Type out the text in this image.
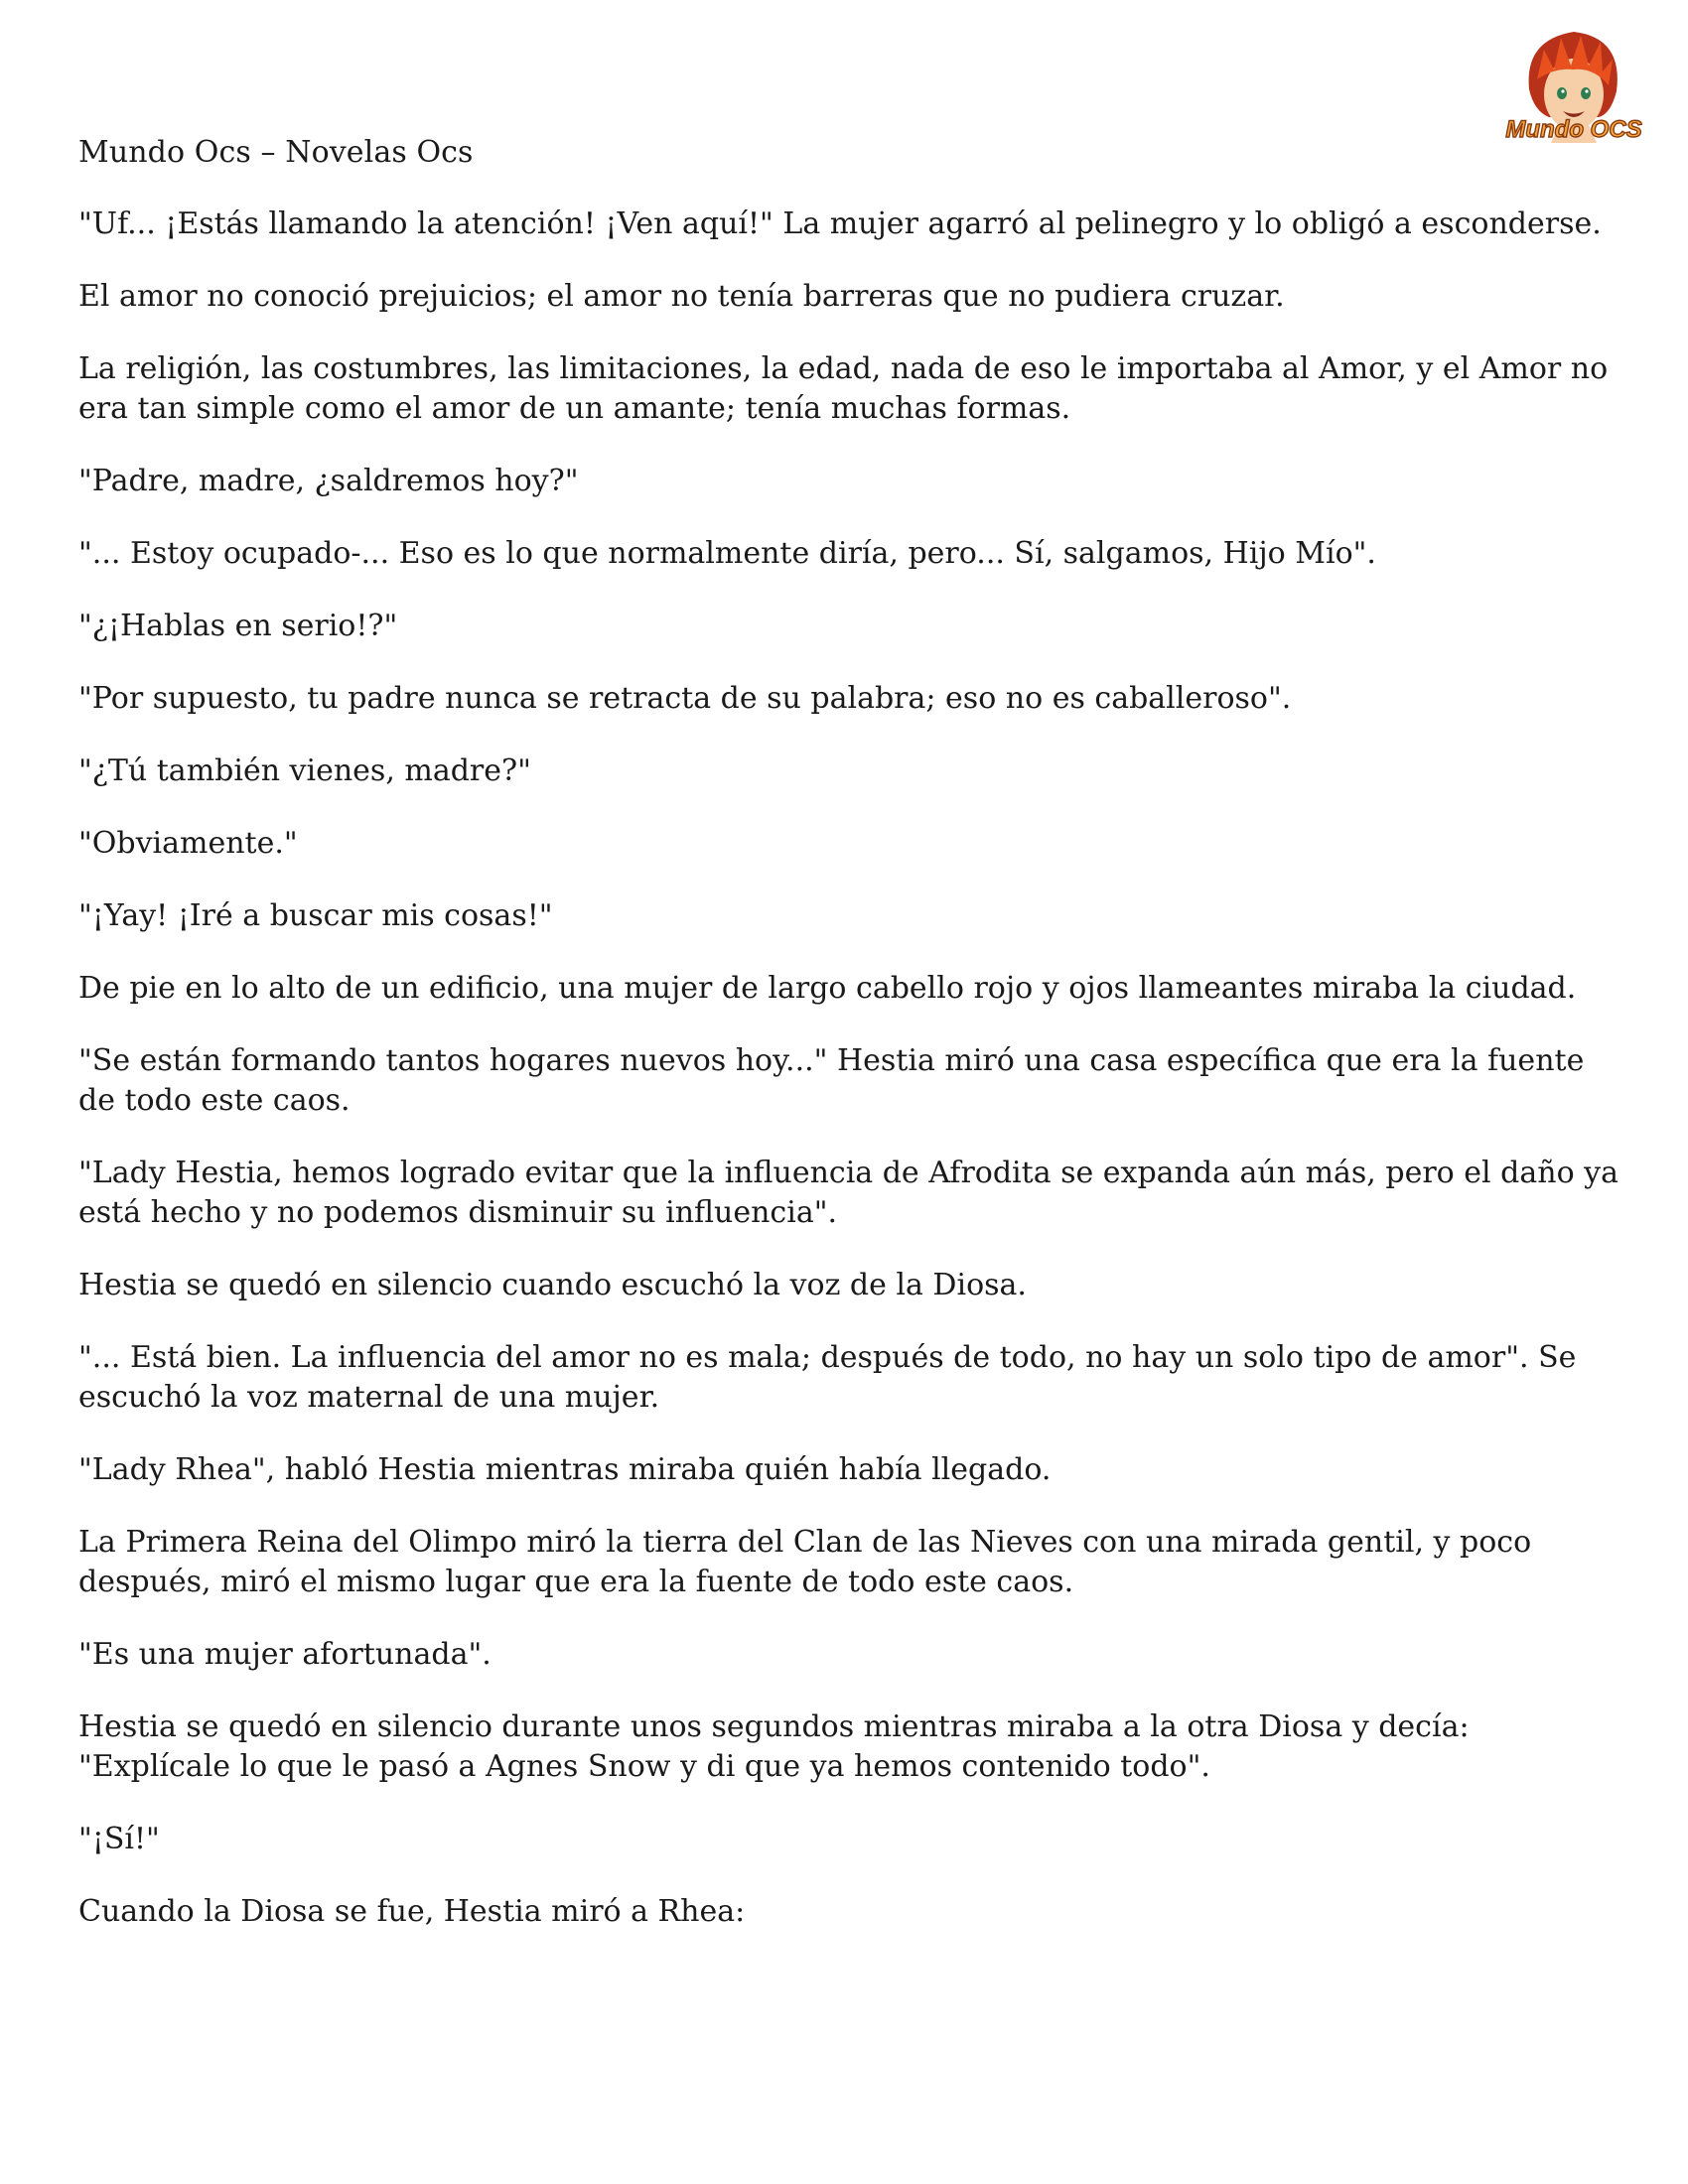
Mundo Ocs – Novelas Ocs
Mundo OCS

"Uf... ¡Estás llamando la atención! ¡Ven aquí!" La mujer agarró al pelinegro y lo obligó a esconderse.

El amor no conoció prejuicios; el amor no tenía barreras que no pudiera cruzar.

La religión, las costumbres, las limitaciones, la edad, nada de eso le importaba al Amor, y el Amor no era tan simple como el amor de un amante; tenía muchas formas.

"Padre, madre, ¿saldremos hoy?"

"... Estoy ocupado-... Eso es lo que normalmente diría, pero... Sí, salgamos, Hijo Mío".

"¿¡Hablas en serio!?"

"Por supuesto, tu padre nunca se retracta de su palabra; eso no es caballeroso".

"¿Tú también vienes, madre?"

"Obviamente."

"¡Yay! ¡Iré a buscar mis cosas!"

De pie en lo alto de un edificio, una mujer de largo cabello rojo y ojos llameantes miraba la ciudad.

"Se están formando tantos hogares nuevos hoy..." Hestia miró una casa específica que era la fuente de todo este caos.

"Lady Hestia, hemos logrado evitar que la influencia de Afrodita se expanda aún más, pero el daño ya está hecho y no podemos disminuir su influencia".

Hestia se quedó en silencio cuando escuchó la voz de la Diosa.

"... Está bien. La influencia del amor no es mala; después de todo, no hay un solo tipo de amor". Se escuchó la voz maternal de una mujer.

"Lady Rhea", habló Hestia mientras miraba quién había llegado.

La Primera Reina del Olimpo miró la tierra del Clan de las Nieves con una mirada gentil, y poco después, miró el mismo lugar que era la fuente de todo este caos.

"Es una mujer afortunada".

Hestia se quedó en silencio durante unos segundos mientras miraba a la otra Diosa y decía: "Explícale lo que le pasó a Agnes Snow y di que ya hemos contenido todo".

"¡Sí!"

Cuando la Diosa se fue, Hestia miró a Rhea:
